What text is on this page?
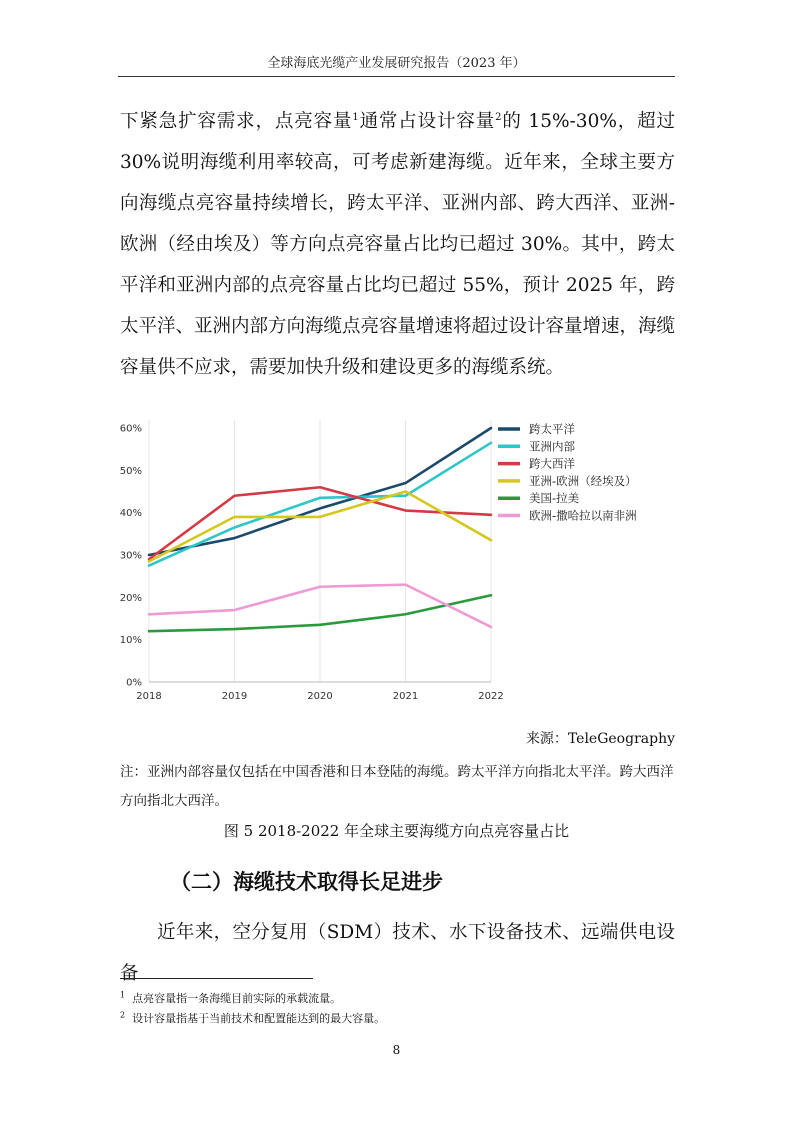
全球海底光缆产业发展研究报告（2023 年）

下紧急扩容需求，点亮容量$^1$通常占设计容量$^2$的 15%-30%，超过 30%说明海缆利用率较高，可考虑新建海缆。近年来，全球主要方向海缆点亮容量持续增长，跨太平洋、亚洲内部、跨大西洋、亚洲-欧洲（经由埃及）等方向点亮容量占比均已超过 30%。其中，跨太平洋和亚洲内部的点亮容量占比均已超过 55%，预计 2025 年，跨太平洋、亚洲内部方向海缆点亮容量增速将超过设计容量增速，海缆容量供不应求，需要加快升级和建设更多的海缆系统。

2018	2019	2020	2021	2022
0%
10%
20%
30%
40%
50%
60%	跨太平洋
亚洲内部
跨大西洋
亚洲-欧洲（经埃及）
美国-拉美
欧洲-撒哈拉以南非洲
来源：TeleGeography

注：亚洲内部容量仅包括在中国香港和日本登陆的海缆。跨太平洋方向指北太平洋。跨大西洋方向指北大西洋。

图 5 2018-2022 年全球主要海缆方向点亮容量占比
（二）海缆技术取得长足进步

近年来，空分复用（SDM）技术、水下设备技术、远端供电设备

$^1$ 点亮容量指一条海缆目前实际的承载流量。
$^2$ 设计容量指基于当前技术和配置能达到的最大容量。
8
